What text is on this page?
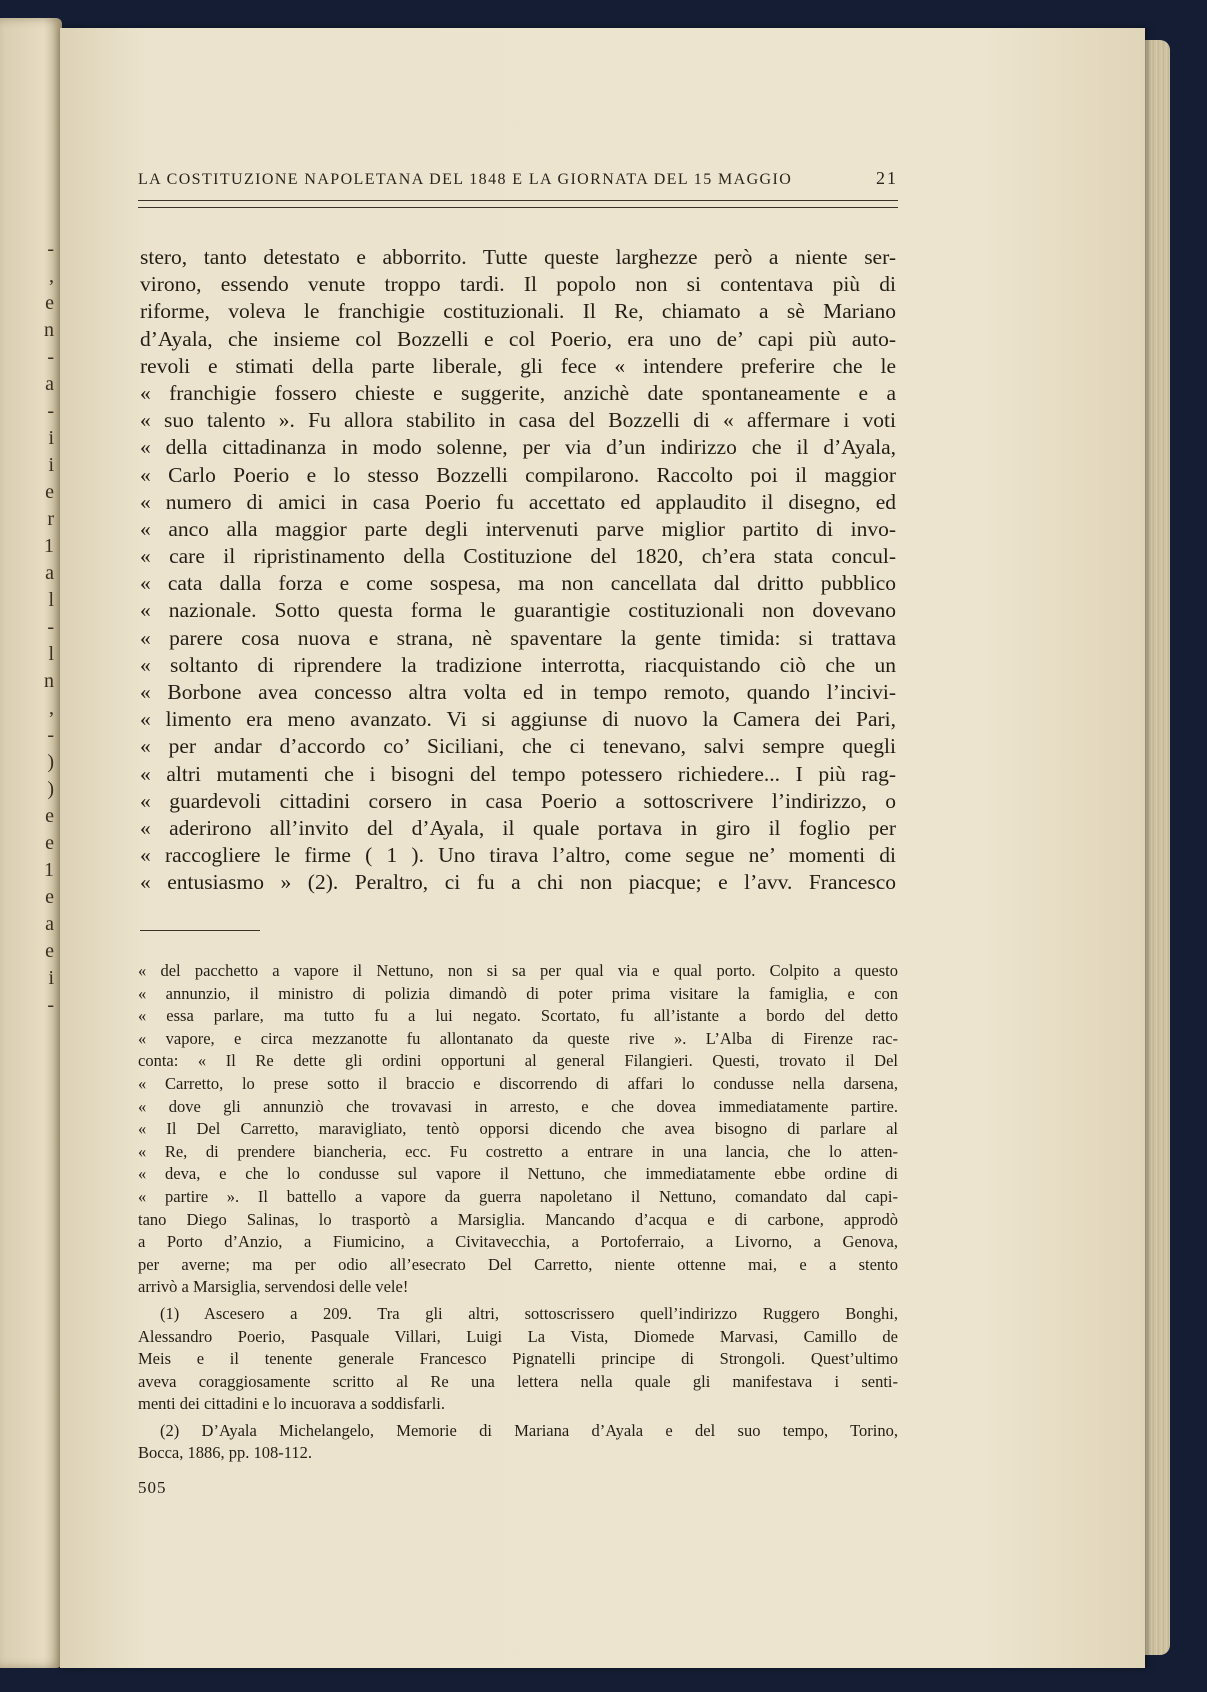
-
,
e
n
-
a
-
i
i
e
r
1
a
l
-
l
n
,
-
)
)
e
e
1
e
a
e
i
-
LA COSTITUZIONE NAPOLETANA DEL 1848 E LA GIORNATA DEL 15 MAGGIO	21
stero, tanto detestato e abborrito. Tutte queste larghezze però a niente ser-
virono, essendo venute troppo tardi. Il popolo non si contentava più di
riforme, voleva le franchigie costituzionali. Il Re, chiamato a sè Mariano
d’Ayala, che insieme col Bozzelli e col Poerio, era uno de’ capi più auto-
revoli e stimati della parte liberale, gli fece « intendere preferire che le
« franchigie fossero chieste e suggerite, anzichè date spontaneamente e a
« suo talento ». Fu allora stabilito in casa del Bozzelli di « affermare i voti
« della cittadinanza in modo solenne, per via d’un indirizzo che il d’Ayala,
« Carlo Poerio e lo stesso Bozzelli compilarono. Raccolto poi il maggior
« numero di amici in casa Poerio fu accettato ed applaudito il disegno, ed
« anco alla maggior parte degli intervenuti parve miglior partito di invo-
« care il ripristinamento della Costituzione del 1820, ch’era stata concul-
« cata dalla forza e come sospesa, ma non cancellata dal dritto pubblico
« nazionale. Sotto questa forma le guarantigie costituzionali non dovevano
« parere cosa nuova e strana, nè spaventare la gente timida: si trattava
« soltanto di riprendere la tradizione interrotta, riacquistando ciò che un
« Borbone avea concesso altra volta ed in tempo remoto, quando l’incivi-
« limento era meno avanzato. Vi si aggiunse di nuovo la Camera dei Pari,
« per andar d’accordo co’ Siciliani, che ci tenevano, salvi sempre quegli
« altri mutamenti che i bisogni del tempo potessero richiedere... I più rag-
« guardevoli cittadini corsero in casa Poerio a sottoscrivere l’indirizzo, o
« aderirono all’invito del d’Ayala, il quale portava in giro il foglio per
« raccogliere le firme ( 1 ). Uno tirava l’altro, come segue ne’ momenti di
« entusiasmo » (2). Peraltro, ci fu a chi non piacque; e l’avv. Francesco
« del pacchetto a vapore il Nettuno, non si sa per qual via e qual porto. Colpito a questo
« annunzio, il ministro di polizia dimandò di poter prima visitare la famiglia, e con
« essa parlare, ma tutto fu a lui negato. Scortato, fu all’istante a bordo del detto
« vapore, e circa mezzanotte fu allontanato da queste rive ». L’Alba di Firenze rac-
conta: « Il Re dette gli ordini opportuni al general Filangieri. Questi, trovato il Del
« Carretto, lo prese sotto il braccio e discorrendo di affari lo condusse nella darsena,
« dove gli annunziò che trovavasi in arresto, e che dovea immediatamente partire.
« Il Del Carretto, maravigliato, tentò opporsi dicendo che avea bisogno di parlare al
« Re, di prendere biancheria, ecc. Fu costretto a entrare in una lancia, che lo atten-
« deva, e che lo condusse sul vapore il Nettuno, che immediatamente ebbe ordine di
« partire ». Il battello a vapore da guerra napoletano il Nettuno, comandato dal capi-
tano Diego Salinas, lo trasportò a Marsiglia. Mancando d’acqua e di carbone, approdò
a Porto d’Anzio, a Fiumicino, a Civitavecchia, a Portoferraio, a Livorno, a Genova,
per averne; ma per odio all’esecrato Del Carretto, niente ottenne mai, e a stento
arrivò a Marsiglia, servendosi delle vele!
(1) Ascesero a 209. Tra gli altri, sottoscrissero quell’indirizzo Ruggero Bonghi,
Alessandro Poerio, Pasquale Villari, Luigi La Vista, Diomede Marvasi, Camillo de
Meis e il tenente generale Francesco Pignatelli principe di Strongoli. Quest’ultimo
aveva coraggiosamente scritto al Re una lettera nella quale gli manifestava i senti-
menti dei cittadini e lo incuorava a soddisfarli.
(2) D’Ayala Michelangelo, Memorie di Mariana d’Ayala e del suo tempo, Torino,
Bocca, 1886, pp. 108-112.
505
